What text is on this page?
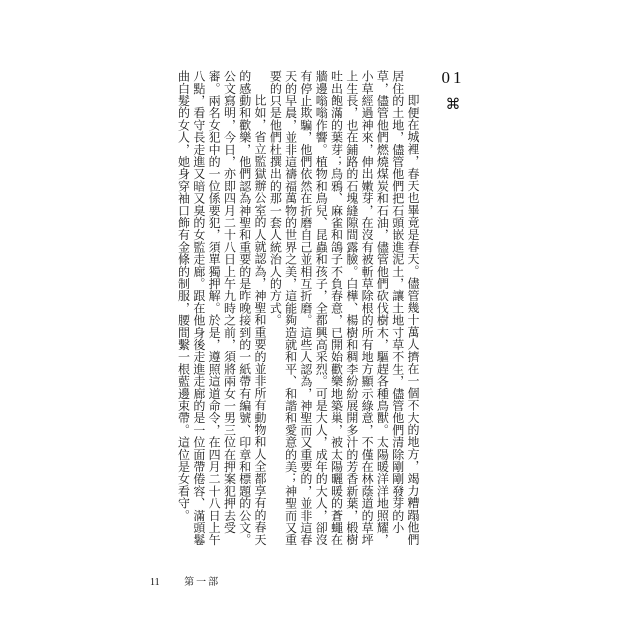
01
⌘

即便在城裡，春天也畢竟是春天。儘管幾十萬人擠在一個不大的地方，竭力糟蹋他們居住的土地，儘管他們把石頭嵌進泥土，讓土地寸草不生，儘管他們清除剛剛發芽的小草，儘管他們燃燒煤炭和石油，儘管他們砍伐樹木，驅趕各種鳥獸。太陽暖洋洋地照耀，小草經過神來，伸出嫩芽，在沒有被斬草除根的所有地方顯示綠意，不僅在林蔭道的草坪上生長，也在鋪路的石塊縫隙間露臉。白樺、楊樹和稠李紛紛展開多汁的芳香新葉，椴樹吐出飽滿的葉芽；烏鴉、麻雀和鴿子不負春意，已開始歡樂地築巢，被太陽曬暖的蒼蠅在牆邊嗡嗡作響。植物和鳥兒、昆蟲和孩子，全都興高采烈。可是大人，成年的大人，卻沒有停止欺騙，他們依然在折磨自己並相互折磨。這些人認為，神聖而又重要的，並非這春天的早晨，並非這禱福萬物的世界之美，這能夠造就和平、和諧和愛意的美；神聖而又重要的只是他們杜撰出的那一套人統治人的方式。

比如，省立監獄辦公室的人就認為，神聖和重要的並非所有動物和人全都享有的春天的感動和歡樂，他們認為神聖和重要的是昨晚接到的一紙帶有編號、印章和標題的公文。公文寫明，今日，亦即四月二十八日上午九時之前，須將兩女一男三位在押案犯押去受審。兩名女犯中的一位係要犯，須單獨押解。於是，遵照這道命令，在四月二十八日上午八點，看守長走進又暗又臭的女監走廊。跟在他身後走進走廊的是一位面帶倦容、滿頭鬈曲白髮的女人，她身穿袖口飾有金條的制服，腰間繫一根藍邊束帶。這位是女看守。

11 第一部
